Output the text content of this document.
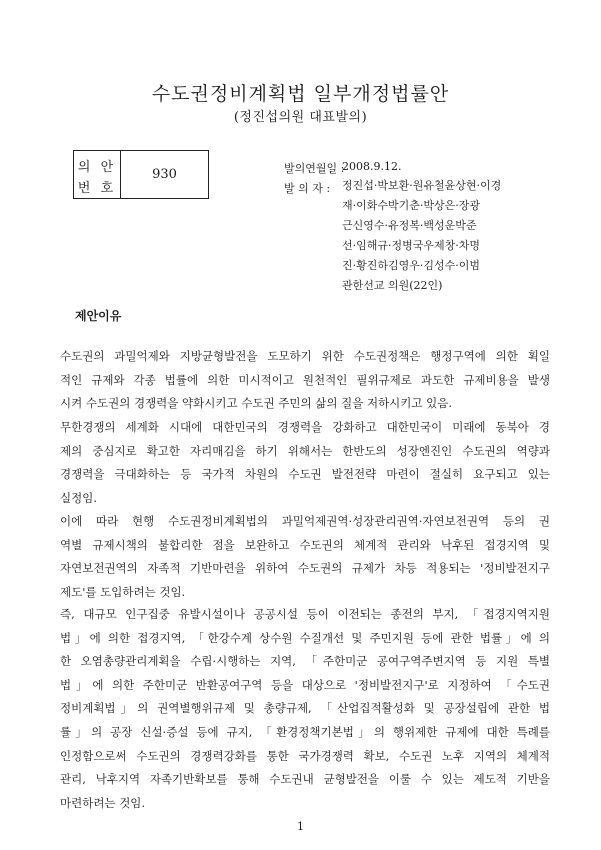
수도권정비계획법 일부개정법률안
(정진섭의원 대표발의)
의 안
번 호
930	발의연월일 :
2008.9.12.
발 의 자 : 정진섭·박보환·원유철윤상현·이경
재·이화수박기춘·박상은·장광
근신영수·유정복·백성운박준
선·임해규·정병국우제창·차명
진·황진하김영우·김성수·이범
관한선교 의원(22인)
제안이유
수도권의 과밀억제와 지방균형발전을 도모하기 위한 수도권정책은 행정구역에 의한 획일
적인 규제와 각종 법률에 의한 미시적이고 원천적인 필위규제로 과도한 규제비용을 발생
시켜 수도권의 경쟁력을 약화시키고 수도권 주민의 삶의 질을 저하시키고 있음.
무한경쟁의 세계화 시대에 대한민국의 경쟁력을 강화하고 대한민국이 미래에 동북아 경
제의 중심지로 확고한 자리매김을 하기 위해서는 한반도의 성장엔진인 수도권의 역량과
경쟁력을 극대화하는 등 국가적 차원의 수도권 발전전략 마련이 절실히 요구되고 있는
실정임.
이에 따라 현행 수도권정비계획법의 과밀억제권역·성장관리권역·자연보전권역 등의 권
역별 규제시책의 불합리한 점을 보완하고 수도권의 체계적 관리와 낙후된 접경지역 및
자연보전권역의 자족적 기반마련을 위하여 수도권의 규제가 차등 적용되는 '정비발전지구
제도'를 도입하려는 것임.
즉, 대규모 인구집중 유발시설이나 공공시설 등이 이전되는 종전의 부지, 「접경지역지원
법」에 의한 접경지역, 「한강수계 상수원 수질개선 및 주민지원 등에 관한 법률」에 의
한 오염총량관리계획을 수립·시행하는 지역, 「주한미군 공여구역주변지역 등 지원 특별
법」에 의한 주한미군 반환공여구역 등을 대상으로 '정비발전지구'로 지정하여 「수도권
정비계획법」의 권역별행위규제 및 총량규제, 「산업집적활성화 및 공장설립에 관한 법
률」의 공장 신설·증설 등에 규지, 「환경정책기본법」의 행위제한 규제에 대한 특례를
인정함으로써 수도권의 경쟁력강화를 통한 국가경쟁력 확보, 수도권 노후 지역의 체계적
관리, 낙후지역 자족기반확보를 통해 수도권내 균형발전을 이룰 수 있는 제도적 기반을
마련하려는 것임.
1
